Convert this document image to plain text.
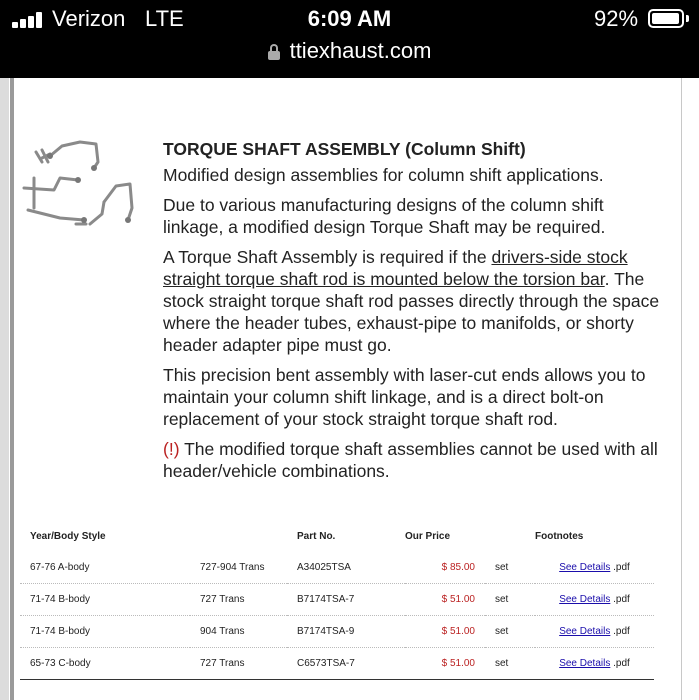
Verizon LTE	6:09 AM	92%
ttiexhaust.com

TORQUE SHAFT ASSEMBLY (Column Shift)

Modified design assemblies for column shift applications.

Due to various manufacturing designs of the column shift linkage, a modified design Torque Shaft may be required.

A Torque Shaft Assembly is required if the drivers-side stock straight torque shaft rod is mounted below the torsion bar. The stock straight torque shaft rod passes directly through the space where the header tubes, exhaust-pipe to manifolds, or shorty header adapter pipe must go.

This precision bent assembly with laser-cut ends allows you to maintain your column shift linkage, and is a direct bolt-on replacement of your stock straight torque shaft rod.

(!) The modified torque shaft assemblies cannot be used with all header/vehicle combinations.

Year/Body Style		Part No.	Our Price		Footnotes
67-76 A-body	727-904 Trans	A34025TSA	$ 85.00	set	See Details .pdf
71-74 B-body	727 Trans	B7174TSA-7	$ 51.00	set	See Details .pdf
71-74 B-body	904 Trans	B7174TSA-9	$ 51.00	set	See Details .pdf
65-73 C-body	727 Trans	C6573TSA-7	$ 51.00	set	See Details .pdf
